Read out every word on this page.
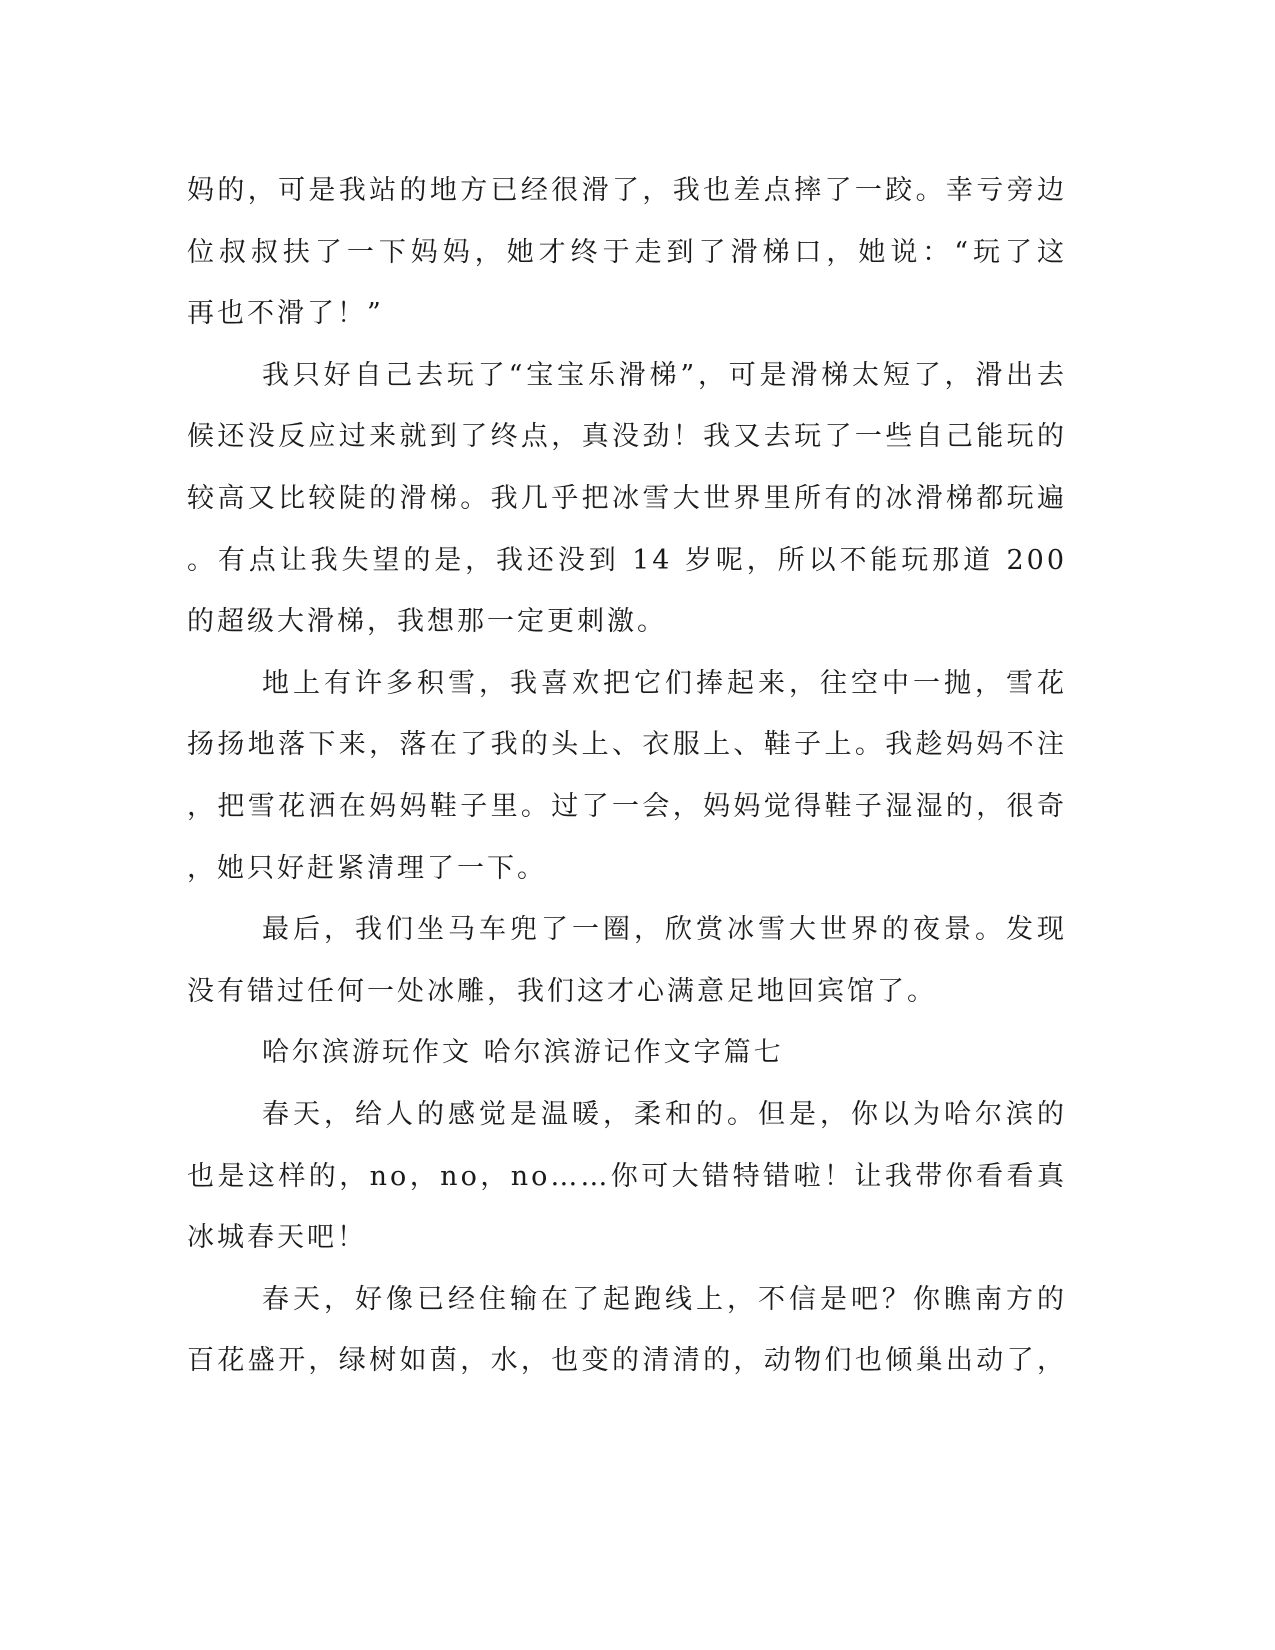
妈的，可是我站的地方已经很滑了，我也差点摔了一跤。幸亏旁边
位叔叔扶了一下妈妈，她才终于走到了滑梯口，她说：“玩了这
再也不滑了！”
我只好自己去玩了“宝宝乐滑梯”，可是滑梯太短了，滑出去
候还没反应过来就到了终点，真没劲！我又去玩了一些自己能玩的
较高又比较陡的滑梯。我几乎把冰雪大世界里所有的冰滑梯都玩遍
。有点让我失望的是，我还没到 14 岁呢，所以不能玩那道 200
的超级大滑梯，我想那一定更刺激。
地上有许多积雪，我喜欢把它们捧起来，往空中一抛，雪花
扬扬地落下来，落在了我的头上、衣服上、鞋子上。我趁妈妈不注
，把雪花洒在妈妈鞋子里。过了一会，妈妈觉得鞋子湿湿的，很奇
，她只好赶紧清理了一下。
最后，我们坐马车兜了一圈，欣赏冰雪大世界的夜景。发现
没有错过任何一处冰雕，我们这才心满意足地回宾馆了。
哈尔滨游玩作文 哈尔滨游记作文字篇七
春天，给人的感觉是温暖，柔和的。但是，你以为哈尔滨的
也是这样的，no，no，no……你可大错特错啦！让我带你看看真
冰城春天吧！
春天，好像已经住输在了起跑线上，不信是吧？你瞧南方的
百花盛开，绿树如茵，水，也变的清清的，动物们也倾巢出动了，
